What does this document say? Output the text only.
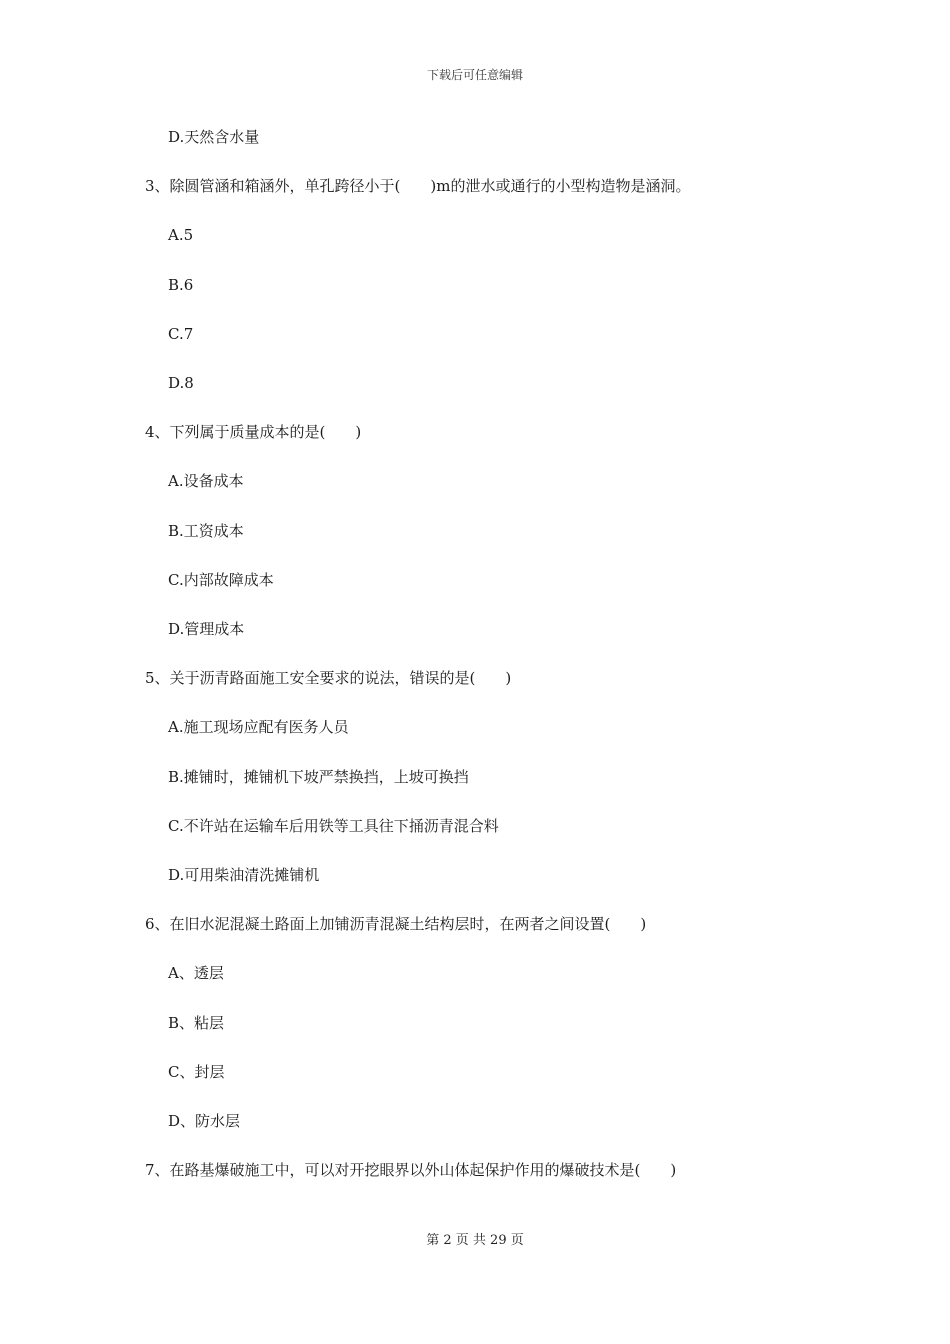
下载后可任意编辑
D.天然含水量
3、除圆管涵和箱涵外，单孔跨径小于(　　)m的泄水或通行的小型构造物是涵洞。
A.5
B.6
C.7
D.8
4、下列属于质量成本的是(　　)
A.设备成本
B.工资成本
C.内部故障成本
D.管理成本
5、关于沥青路面施工安全要求的说法，错误的是(　　)
A.施工现场应配有医务人员
B.摊铺时，摊铺机下坡严禁换挡，上坡可换挡
C.不许站在运输车后用铁等工具往下捅沥青混合料
D.可用柴油清洗摊铺机
6、在旧水泥混凝土路面上加铺沥青混凝土结构层时，在两者之间设置(　　)
A、透层
B、粘层
C、封层
D、防水层
7、在路基爆破施工中，可以对开挖眼界以外山体起保护作用的爆破技术是(　　)
第 2 页 共 29 页
